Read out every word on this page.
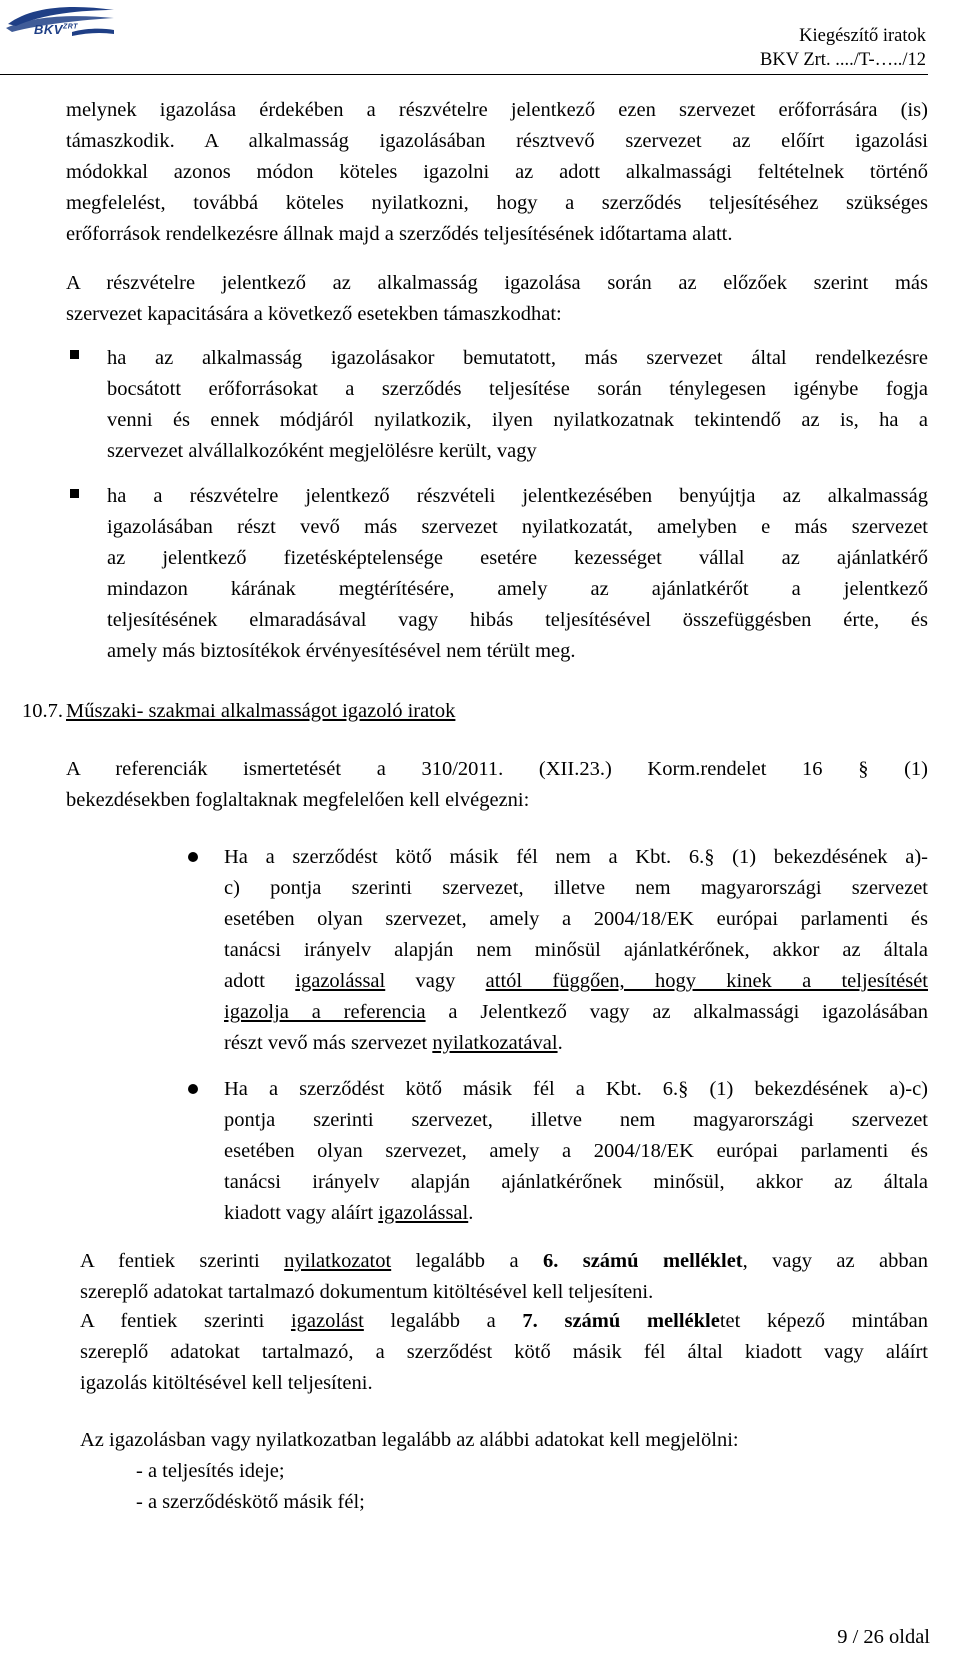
$BKV^{ZRT}$	Kiegészítő iratok
BKV Zrt. ..../T-…../12
melynek igazolása érdekében a részvételre jelentkező ezen szervezet erőforrására (is)
támaszkodik. A alkalmasság igazolásában résztvevő szervezet az előírt igazolási
módokkal azonos módon köteles igazolni az adott alkalmassági feltételnek történő
megfelelést, továbbá köteles nyilatkozni, hogy a szerződés teljesítéséhez szükséges
erőforrások rendelkezésre állnak majd a szerződés teljesítésének időtartama alatt.
A részvételre jelentkező az alkalmasság igazolása során az előzőek szerint más
szervezet kapacitására a következő esetekben támaszkodhat:
ha az alkalmasság igazolásakor bemutatott, más szervezet által rendelkezésre
bocsátott erőforrásokat a szerződés teljesítése során ténylegesen igénybe fogja
venni és ennek módjáról nyilatkozik, ilyen nyilatkozatnak tekintendő az is, ha a
szervezet alvállalkozóként megjelölésre került, vagy
ha a részvételre jelentkező részvételi jelentkezésében benyújtja az alkalmasság
igazolásában részt vevő más szervezet nyilatkozatát, amelyben e más szervezet
az jelentkező fizetésképtelensége esetére kezességet vállal az ajánlatkérő
mindazon kárának megtérítésére, amely az ajánlatkérőt a jelentkező
teljesítésének elmaradásával vagy hibás teljesítésével összefüggésben érte, és
amely más biztosítékok érvényesítésével nem térült meg.
10.7. Műszaki- szakmai alkalmasságot igazoló iratok
A referenciák ismertetését a 310/2011. (XII.23.) Korm.rendelet 16 § (1)
bekezdésekben foglaltaknak megfelelően kell elvégezni:
Ha a szerződést kötő másik fél nem a Kbt. 6.§ (1) bekezdésének a)-
c) pontja szerinti szervezet, illetve nem magyarországi szervezet
esetében olyan szervezet, amely a 2004/18/EK európai parlamenti és
tanácsi irányelv alapján nem minősül ajánlatkérőnek, akkor az általa
adott igazolással vagy attól függően, hogy kinek a teljesítését
igazolja a referencia a Jelentkező vagy az alkalmassági igazolásában
részt vevő más szervezet nyilatkozatával.
Ha a szerződést kötő másik fél a Kbt. 6.§ (1) bekezdésének a)-c)
pontja szerinti szervezet, illetve nem magyarországi szervezet
esetében olyan szervezet, amely a 2004/18/EK európai parlamenti és
tanácsi irányelv alapján ajánlatkérőnek minősül, akkor az általa
kiadott vagy aláírt igazolással.
A fentiek szerinti nyilatkozatot legalább a 6. számú melléklet, vagy az abban
szereplő adatokat tartalmazó dokumentum kitöltésével kell teljesíteni.
A fentiek szerinti igazolást legalább a 7. számú mellékletet képező mintában
szereplő adatokat tartalmazó, a szerződést kötő másik fél által kiadott vagy aláírt
igazolás kitöltésével kell teljesíteni.
Az igazolásban vagy nyilatkozatban legalább az alábbi adatokat kell megjelölni:
- a teljesítés ideje;
- a szerződéskötő másik fél;
9 / 26 oldal
